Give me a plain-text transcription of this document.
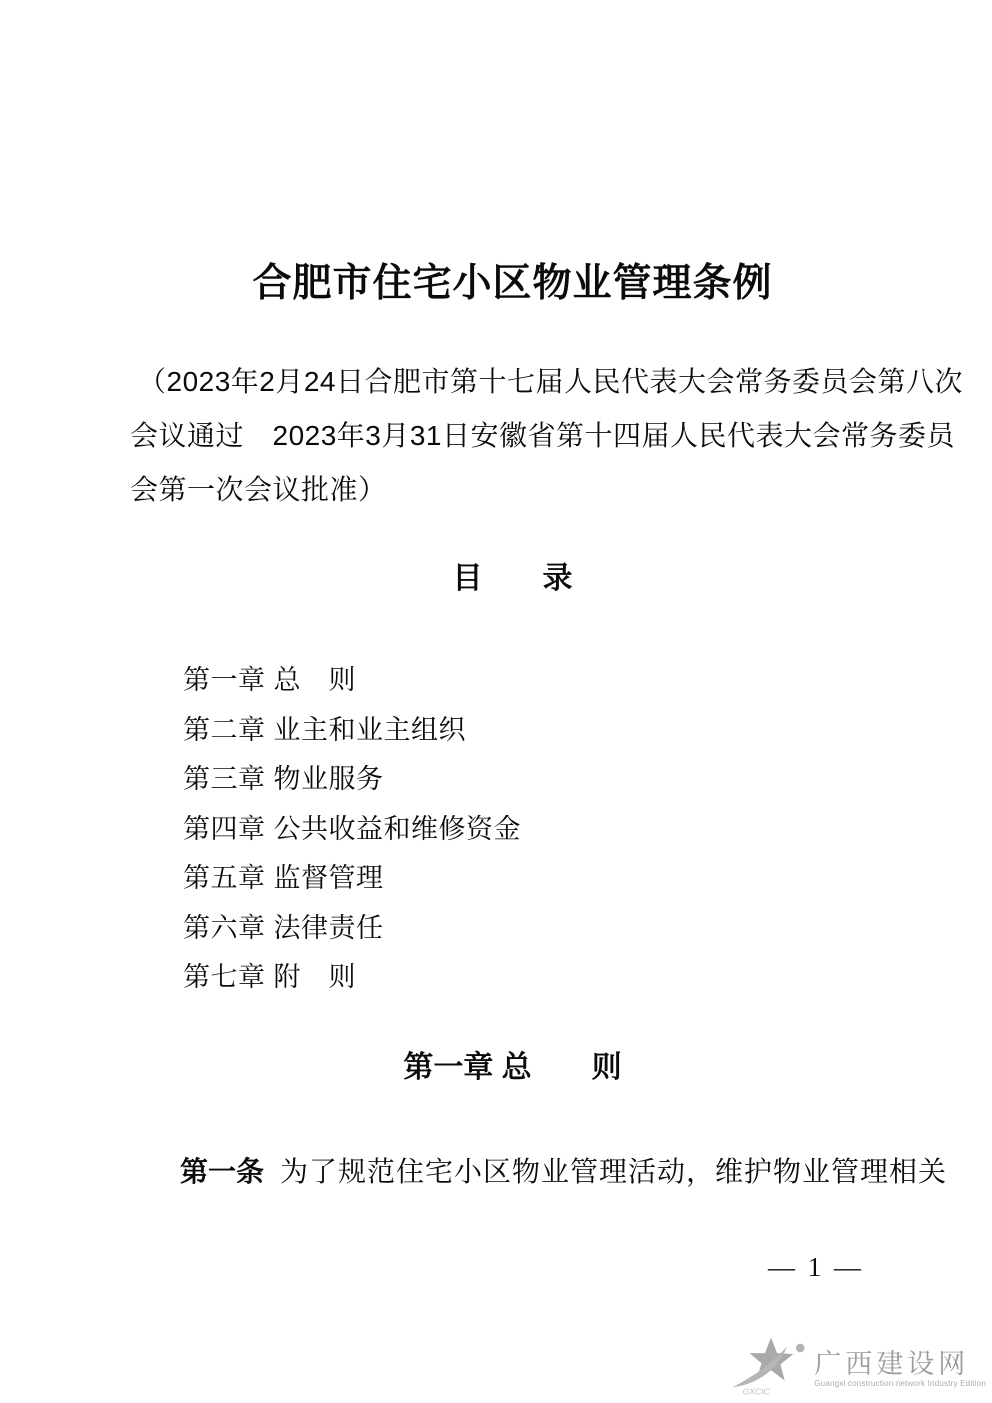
合肥市住宅小区物业管理条例
（2023年2月24日合肥市第十七届人民代表大会常务委员会第八次
会议通过　2023年3月31日安徽省第十四届人民代表大会常务委员
会第一次会议批准）
目　　录
第一章 总　则
第二章 业主和业主组织
第三章 物业服务
第四章 公共收益和维修资金
第五章 监督管理
第六章 法律责任
第七章 附　则
第一章 总　　则
第一条 为了规范住宅小区物业管理活动，维护物业管理相关
— 1 —
GXCIC
广西建设网
Guangxi construction network Industry Edition
